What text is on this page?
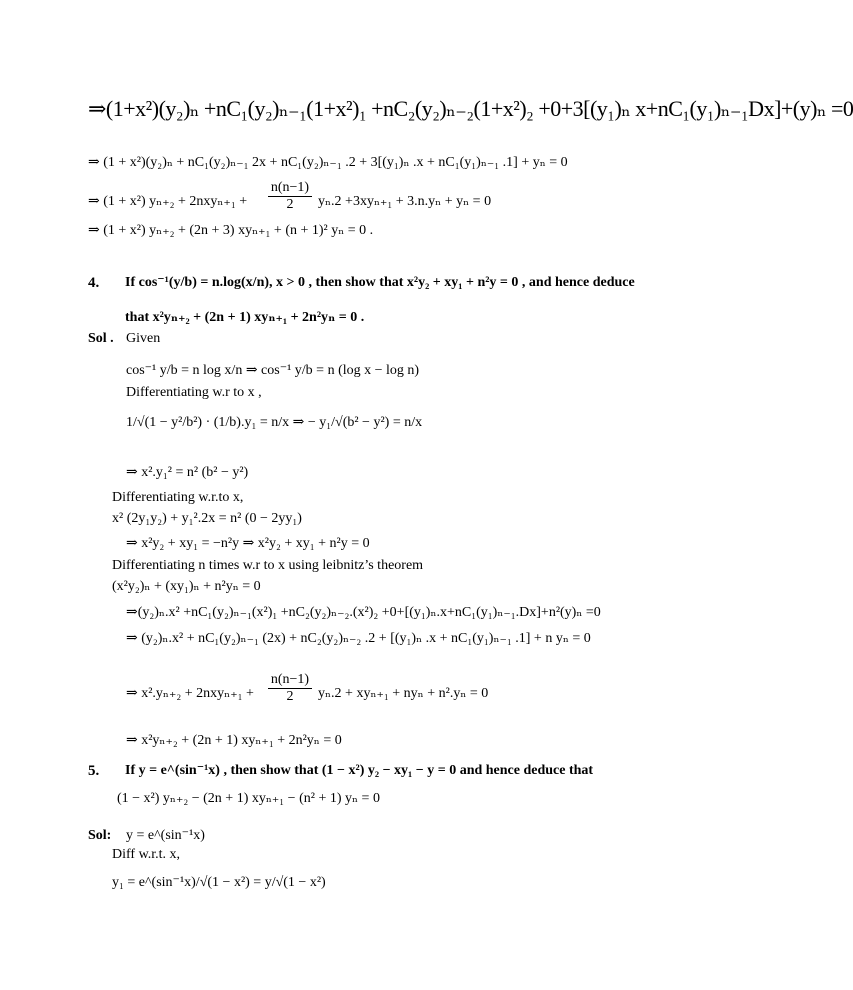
⇒(1+x²)(y₂)ₙ +nC₁(y₂)ₙ₋₁(1+x²)₁ +nC₂(y₂)ₙ₋₂(1+x²)₂ +0+3[(y₁)ₙ x+nC₁(y₁)ₙ₋₁Dx]+(y)ₙ =0
⇒ (1 + x²)(y₂)ₙ + nC₁(y₂)ₙ₋₁ 2x + nC₁(y₂)ₙ₋₁ .2 + 3[(y₁)ₙ .x + nC₁(y₁)ₙ₋₁ .1] + yₙ = 0
⇒ (1 + x²) $y_{n+2} + 2nxy_{n+1} + \frac{n(n-1)}{2} y_n.2 +3xy_{n+1} + 3.n.y_n + y_n = 0$
⇒ (1 + x²) yₙ₊₂ + (2n + 3) xyₙ₊₁ + (n + 1)² yₙ = 0 .
4. If cos⁻¹(y/b) = n.log(x/n), x > 0 , then show that x²y₂ + xy₁ + n²y = 0 , and hence deduce
that x²yₙ₊₂ + (2n + 1) xyₙ₊₁ + 2n²yₙ = 0 .
Sol . Given
cos⁻¹ y/b = n log x/n ⇒ cos⁻¹ y/b = n (log x − log n)
Differentiating w.r to x ,
1/√(1 − y²/b²) · (1/b).y₁ = n/x ⇒ − y₁/√(b² − y²) = n/x
⇒ x².y₁² = n² (b² − y²)
Differentiating w.r.to x,
x² (2y₁y₂) + y₁².2x = n² (0 − 2yy₁)
⇒ x²y₂ + xy₁ = −n²y ⇒ x²y₂ + xy₁ + n²y = 0
Differentiating n times w.r to x using leibnitz’s theorem
(x²y₂)ₙ + (xy₁)ₙ + n²yₙ = 0
⇒(y₂)ₙ.x² +nC₁(y₂)ₙ₋₁(x²)₁ +nC₂(y₂)ₙ₋₂.(x²)₂ +0+[(y₁)ₙ.x+nC₁(y₁)ₙ₋₁.Dx]+n²(y)ₙ =0
⇒ (y₂)ₙ.x² + nC₁(y₂)ₙ₋₁ (2x) + nC₂(y₂)ₙ₋₂ .2 + [(y₁)ₙ .x + nC₁(y₁)ₙ₋₁ .1] + n yₙ = 0
⇒ $x^2.y_{n+2} + 2nxy_{n+1} + \frac{n(n-1)}{2} y_n.2 + xy_{n+1} + ny_n + n^2.y_n = 0$
⇒ x²yₙ₊₂ + (2n + 1) xyₙ₊₁ + 2n²yₙ = 0
5. If y = e^(sin⁻¹x) , then show that (1 − x²) y₂ − xy₁ − y = 0 and hence deduce that
(1 − x²) yₙ₊₂ − (2n + 1) xyₙ₊₁ − (n² + 1) yₙ = 0
Sol: y = e^(sin⁻¹x)
Diff w.r.t. x,
y₁ = e^(sin⁻¹x)/√(1 − x²) = y/√(1 − x²)
